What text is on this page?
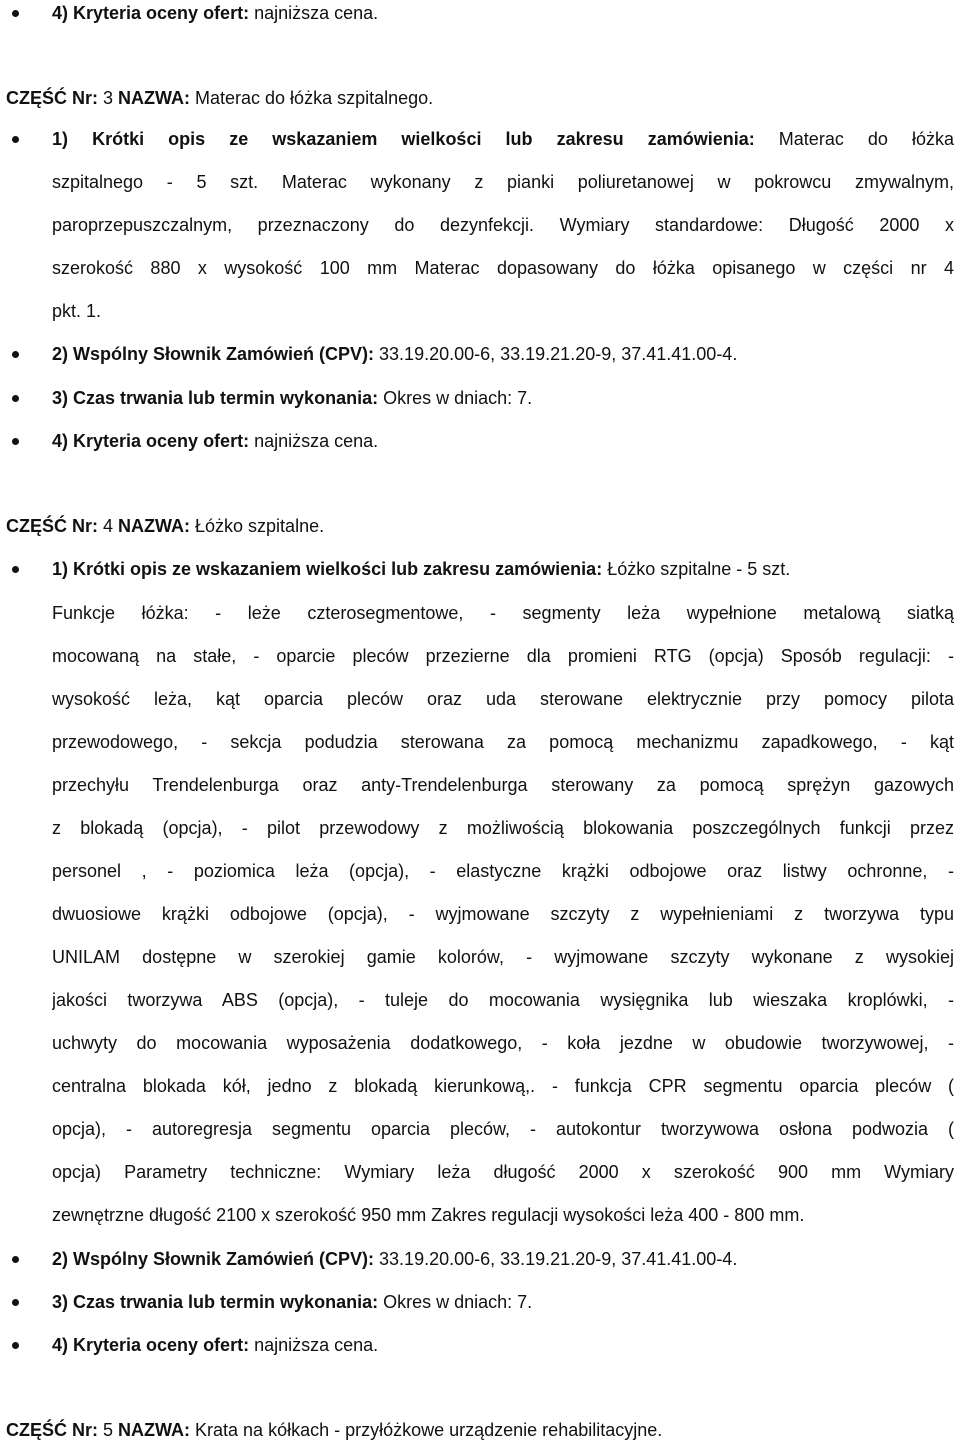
4) Kryteria oceny ofert: najniższa cena.
CZĘŚĆ Nr: 3 NAZWA: Materac do łóżka szpitalnego.
1) Krótki opis ze wskazaniem wielkości lub zakresu zamówienia: Materac do łóżka
szpitalnego - 5 szt. Materac wykonany z pianki poliuretanowej w pokrowcu zmywalnym,
paroprzepuszczalnym, przeznaczony do dezynfekcji. Wymiary standardowe: Długość 2000 x
szerokość 880 x wysokość 100 mm Materac dopasowany do łóżka opisanego w części nr 4
pkt. 1.
2) Wspólny Słownik Zamówień (CPV): 33.19.20.00-6, 33.19.21.20-9, 37.41.41.00-4.
3) Czas trwania lub termin wykonania: Okres w dniach: 7.
4) Kryteria oceny ofert: najniższa cena.
CZĘŚĆ Nr: 4 NAZWA: Łóżko szpitalne.
1) Krótki opis ze wskazaniem wielkości lub zakresu zamówienia: Łóżko szpitalne - 5 szt.
Funkcje łóżka: - leże czterosegmentowe, - segmenty leża wypełnione metalową siatką
mocowaną na stałe, - oparcie pleców przezierne dla promieni RTG (opcja) Sposób regulacji: -
wysokość leża, kąt oparcia pleców oraz uda sterowane elektrycznie przy pomocy pilota
przewodowego, - sekcja podudzia sterowana za pomocą mechanizmu zapadkowego, - kąt
przechyłu Trendelenburga oraz anty-Trendelenburga sterowany za pomocą sprężyn gazowych
z blokadą (opcja), - pilot przewodowy z możliwością blokowania poszczególnych funkcji przez
personel , - poziomica leża (opcja), - elastyczne krążki odbojowe oraz listwy ochronne, -
dwuosiowe krążki odbojowe (opcja), - wyjmowane szczyty z wypełnieniami z tworzywa typu
UNILAM dostępne w szerokiej gamie kolorów, - wyjmowane szczyty wykonane z wysokiej
jakości tworzywa ABS (opcja), - tuleje do mocowania wysięgnika lub wieszaka kroplówki, -
uchwyty do mocowania wyposażenia dodatkowego, - koła jezdne w obudowie tworzywowej, -
centralna blokada kół, jedno z blokadą kierunkową,. - funkcja CPR segmentu oparcia pleców (
opcja), - autoregresja segmentu oparcia pleców, - autokontur tworzywowa osłona podwozia (
opcja) Parametry techniczne: Wymiary leża długość 2000 x szerokość 900 mm Wymiary
zewnętrzne długość 2100 x szerokość 950 mm Zakres regulacji wysokości leża 400 - 800 mm.
2) Wspólny Słownik Zamówień (CPV): 33.19.20.00-6, 33.19.21.20-9, 37.41.41.00-4.
3) Czas trwania lub termin wykonania: Okres w dniach: 7.
4) Kryteria oceny ofert: najniższa cena.
CZĘŚĆ Nr: 5 NAZWA: Krata na kółkach - przyłóżkowe urządzenie rehabilitacyjne.
